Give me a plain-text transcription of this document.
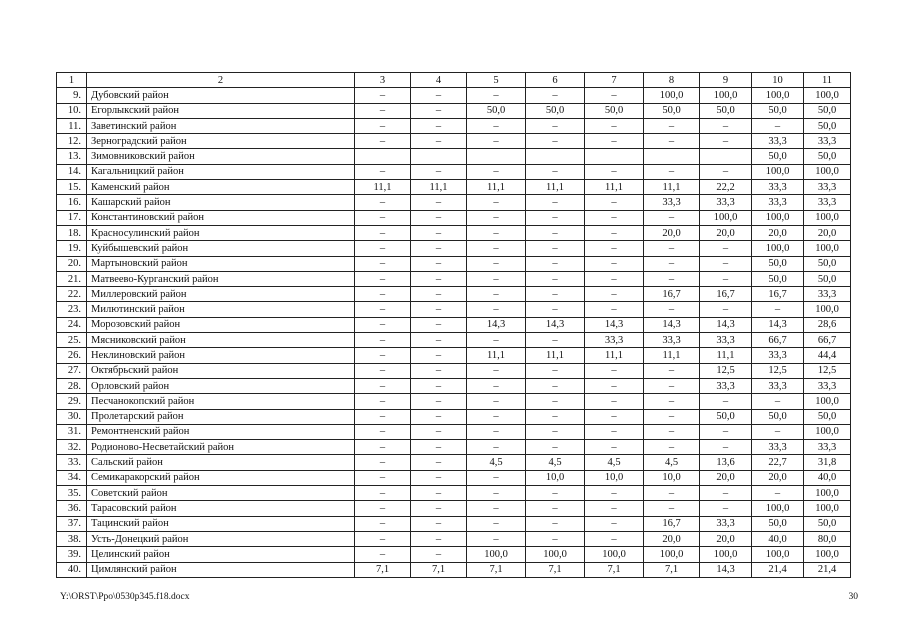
1	2	3	4	5	6	7	8	9	10	11
9.	Дубовский район	–	–	–	–	–	100,0	100,0	100,0	100,0
10.	Егорлыкский район	–	–	50,0	50,0	50,0	50,0	50,0	50,0	50,0
11.	Заветинский район	–	–	–	–	–	–	–	–	50,0
12.	Зерноградский район	–	–	–	–	–	–	–	33,3	33,3
13.	Зимовниковский район								50,0	50,0
14.	Кагальницкий район	–	–	–	–	–	–	–	100,0	100,0
15.	Каменский район	11,1	11,1	11,1	11,1	11,1	11,1	22,2	33,3	33,3
16.	Кашарский район	–	–	–	–	–	33,3	33,3	33,3	33,3
17.	Константиновский район	–	–	–	–	–	–	100,0	100,0	100,0
18.	Красносулинский район	–	–	–	–	–	20,0	20,0	20,0	20,0
19.	Куйбышевский район	–	–	–	–	–	–	–	100,0	100,0
20.	Мартыновский район	–	–	–	–	–	–	–	50,0	50,0
21.	Матвеево-Курганский район	–	–	–	–	–	–	–	50,0	50,0
22.	Миллеровский район	–	–	–	–	–	16,7	16,7	16,7	33,3
23.	Милютинский район	–	–	–	–	–	–	–	–	100,0
24.	Морозовский район	–	–	14,3	14,3	14,3	14,3	14,3	14,3	28,6
25.	Мясниковский район	–	–	–	–	33,3	33,3	33,3	66,7	66,7
26.	Неклиновский район	–	–	11,1	11,1	11,1	11,1	11,1	33,3	44,4
27.	Октябрьский район	–	–	–	–	–	–	12,5	12,5	12,5
28.	Орловский район	–	–	–	–	–	–	33,3	33,3	33,3
29.	Песчанокопский район	–	–	–	–	–	–	–	–	100,0
30.	Пролетарский район	–	–	–	–	–	–	50,0	50,0	50,0
31.	Ремонтненский район	–	–	–	–	–	–	–	–	100,0
32.	Родионово-Несветайский район	–	–	–	–	–	–	–	33,3	33,3
33.	Сальский район	–	–	4,5	4,5	4,5	4,5	13,6	22,7	31,8
34.	Семикаракорский район	–	–	–	10,0	10,0	10,0	20,0	20,0	40,0
35.	Советский район	–	–	–	–	–	–	–	–	100,0
36.	Тарасовский район	–	–	–	–	–	–	–	100,0	100,0
37.	Тацинский район	–	–	–	–	–	16,7	33,3	50,0	50,0
38.	Усть-Донецкий район	–	–	–	–	–	20,0	20,0	40,0	80,0
39.	Целинский район	–	–	100,0	100,0	100,0	100,0	100,0	100,0	100,0
40.	Цимлянский район	7,1	7,1	7,1	7,1	7,1	7,1	14,3	21,4	21,4
Y:\ORST\Ppo\0530p345.f18.docx	30
